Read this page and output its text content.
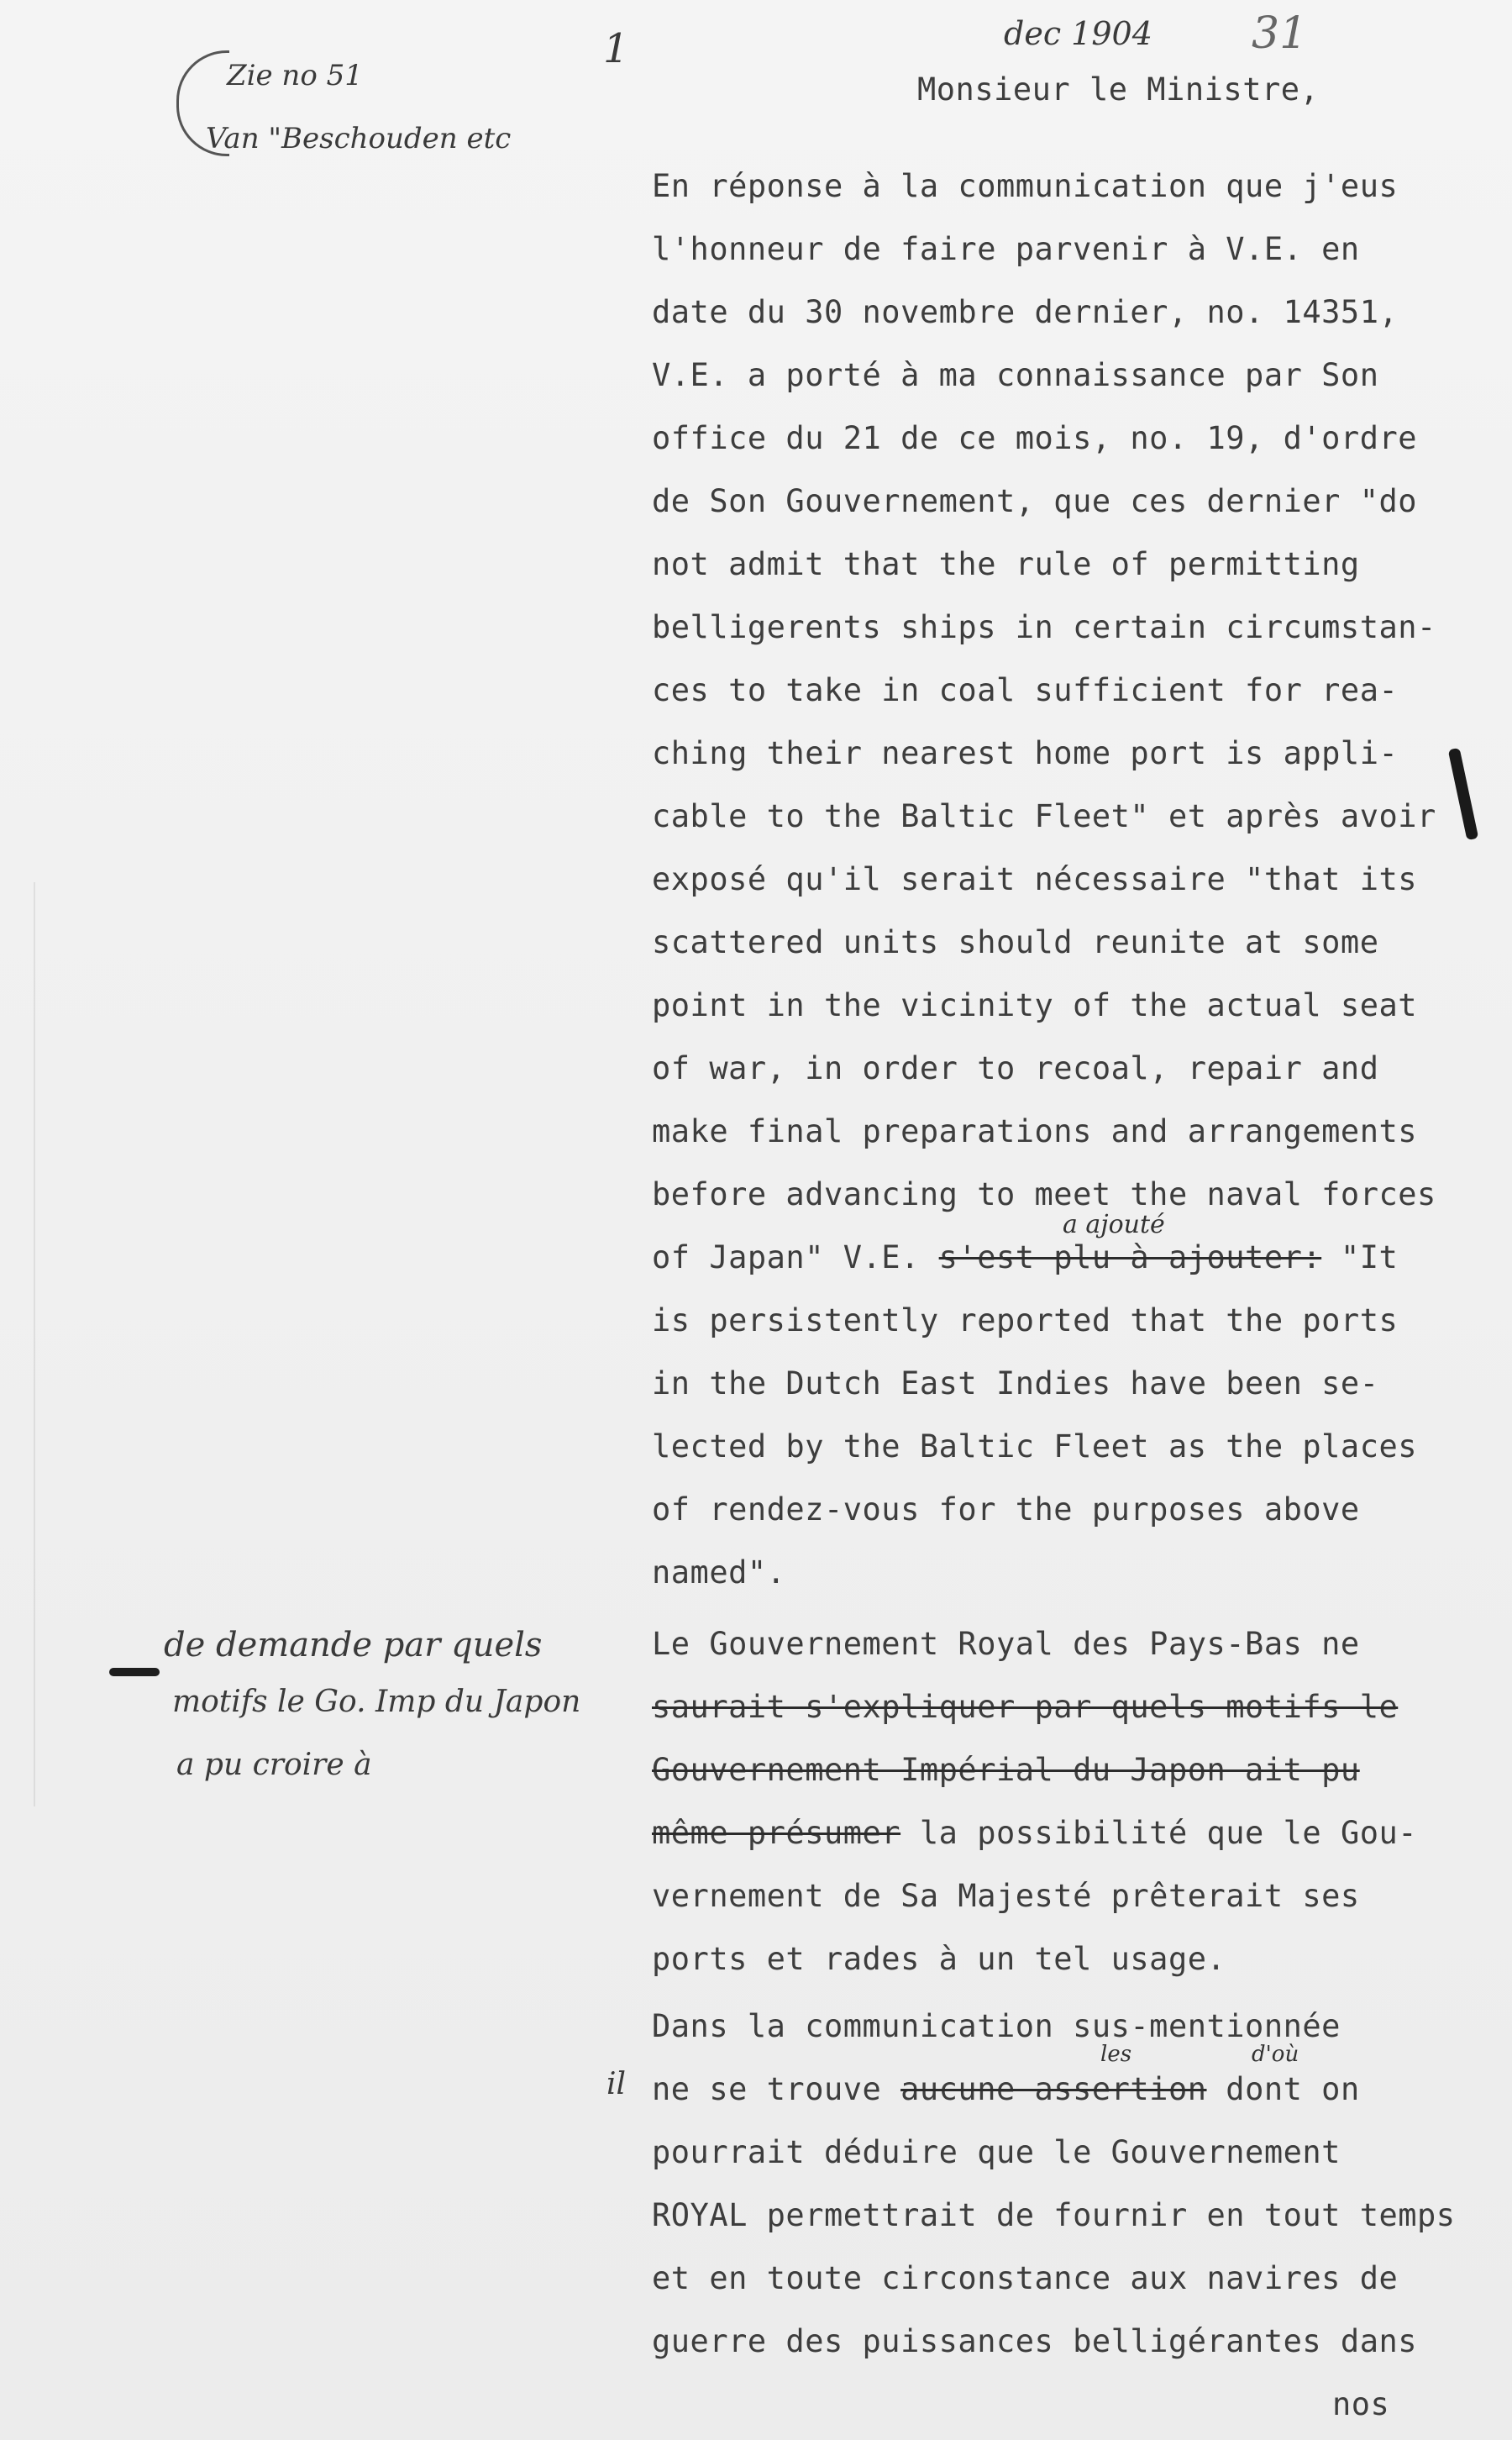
dec 1904 31
Zie no 51
Van "Beschouden etc
1
de demande par quels
motifs le Go. Imp du Japon
a pu croire à
il
a ajouté
les	d'où
Monsieur le Ministre,
En réponse à la communication que j'eus
l'honneur de faire parvenir à V.E. en
date du 30 novembre dernier, no. 14351,
V.E. a porté à ma connaissance par Son
office du 21 de ce mois, no. 19, d'ordre
de Son Gouvernement, que ces dernier "do
not admit that the rule of permitting
belligerents ships in certain circumstan-
ces to take in coal sufficient for rea-
ching their nearest home port is appli-
cable to the Baltic Fleet" et après avoir
exposé qu'il serait nécessaire "that its
scattered units should reunite at some
point in the vicinity of the actual seat
of war, in order to recoal, repair and
make final preparations and arrangements
before advancing to meet the naval forces
of Japan" V.E. s'est plu à ajouter: "It
is persistently reported that the ports
in the Dutch East Indies have been se-
lected by the Baltic Fleet as the places
of rendez-vous for the purposes above
named".
Le Gouvernement Royal des Pays-Bas ne
saurait s'expliquer par quels motifs le
Gouvernement Impérial du Japon ait pu
même présumer la possibilité que le Gou-
vernement de Sa Majesté prêterait ses
ports et rades à un tel usage.
Dans la communication sus-mentionnée
ne se trouve aucune assertion dont on
pourrait déduire que le Gouvernement
ROYAL permettrait de fournir en tout temps
et en toute circonstance aux navires de
guerre des puissances belligérantes dans
nos
